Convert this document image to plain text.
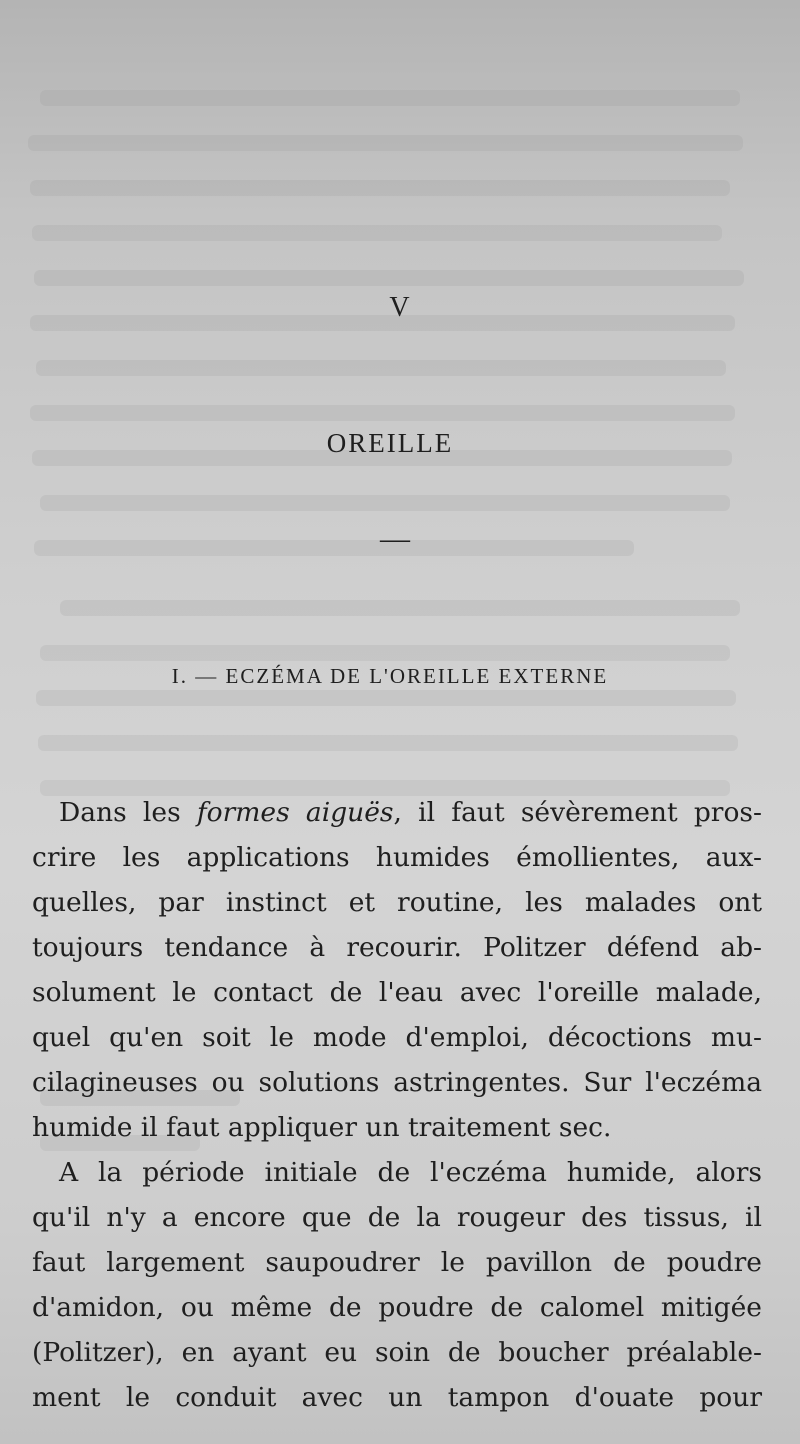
V
OREILLE
—
I. — ECZÉMA DE L'OREILLE EXTERNE
Dans les formes aiguës, il faut sévèrement pros-
crire les applications humides émollientes, aux-
quelles, par instinct et routine, les malades ont
toujours tendance à recourir. Politzer défend ab-
solument le contact de l'eau avec l'oreille malade,
quel qu'en soit le mode d'emploi, décoctions mu-
cilagineuses ou solutions astringentes. Sur l'eczéma
humide il faut appliquer un traitement sec.
A la période initiale de l'eczéma humide, alors
qu'il n'y a encore que de la rougeur des tissus, il
faut largement saupoudrer le pavillon de poudre
d'amidon, ou même de poudre de calomel mitigée
(Politzer), en ayant eu soin de boucher préalable-
ment le conduit avec un tampon d'ouate pour
